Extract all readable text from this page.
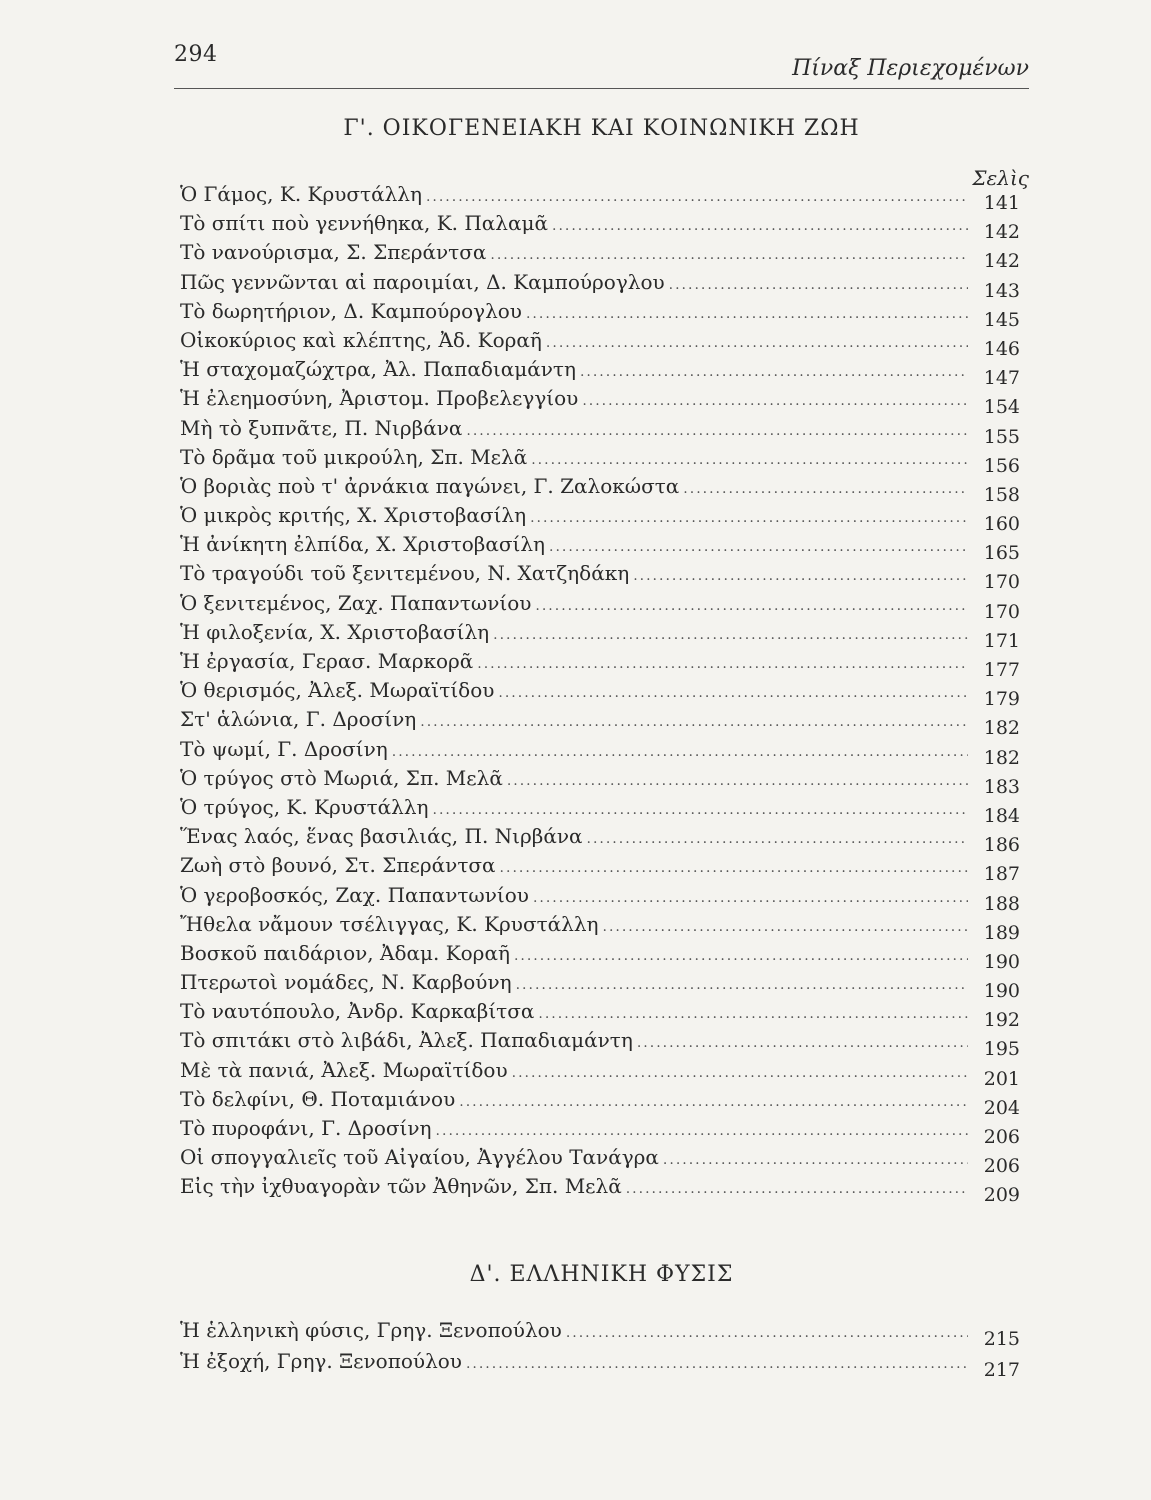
294
Πίναξ Περιεχομένων
Γ'. ΟΙΚΟΓΕΝΕΙΑΚΗ ΚΑΙ ΚΟΙΝΩΝΙΚΗ ΖΩΗ
Σελὶς
Ὁ Γάμος, Κ. Κρυστάλλη .....	141
Τὸ σπίτι ποὺ γεννήθηκα, Κ. Παλαμᾶ .....	142
Τὸ νανούρισμα, Σ. Σπεράντσα .....	142
Πῶς γεννῶνται αἱ παροιμίαι, Δ. Καμπούρογλου .....	143
Τὸ δωρητήριον, Δ. Καμπούρογλου .....	145
Οἰκοκύριος καὶ κλέπτης, Ἀδ. Κοραῆ .....	146
Ἡ σταχομαζώχτρα, Ἀλ. Παπαδιαμάντη .....	147
Ἡ ἐλεημοσύνη, Ἀριστομ. Προβελεγγίου .....	154
Μὴ τὸ ξυπνᾶτε, Π. Νιρβάνα .....	155
Τὸ δρᾶμα τοῦ μικρούλη, Σπ. Μελᾶ .....	156
Ὁ βοριὰς ποὺ τ' ἀρνάκια παγώνει, Γ. Ζαλοκώστα .....	158
Ὁ μικρὸς κριτής, Χ. Χριστοβασίλη .....	160
Ἡ ἀνίκητη ἐλπίδα, Χ. Χριστοβασίλη .....	165
Τὸ τραγούδι τοῦ ξενιτεμένου, Ν. Χατζηδάκη .....	170
Ὁ ξενιτεμένος, Ζαχ. Παπαντωνίου .....	170
Ἡ φιλοξενία, Χ. Χριστοβασίλη .....	171
Ἡ ἐργασία, Γερασ. Μαρκορᾶ .....	177
Ὁ θερισμός, Ἀλεξ. Μωραϊτίδου .....	179
Στ' ἁλώνια, Γ. Δροσίνη .....	182
Τὸ ψωμί, Γ. Δροσίνη .....	182
Ὁ τρύγος στὸ Μωριά, Σπ. Μελᾶ .....	183
Ὁ τρύγος, Κ. Κρυστάλλη .....	184
Ἕνας λαός, ἕνας βασιλιάς, Π. Νιρβάνα .....	186
Ζωὴ στὸ βουνό, Στ. Σπεράντσα .....	187
Ὁ γεροβοσκός, Ζαχ. Παπαντωνίου .....	188
Ἤθελα νἄμουν τσέλιγγας, Κ. Κρυστάλλη .....	189
Βοσκοῦ παιδάριον, Ἀδαμ. Κοραῆ .....	190
Πτερωτοὶ νομάδες, Ν. Καρβούνη .....	190
Τὸ ναυτόπουλο, Ἀνδρ. Καρκαβίτσα .....	192
Τὸ σπιτάκι στὸ λιβάδι, Ἀλεξ. Παπαδιαμάντη .....	195
Μὲ τὰ πανιά, Ἀλεξ. Μωραϊτίδου .....	201
Τὸ δελφίνι, Θ. Ποταμιάνου .....	204
Τὸ πυροφάνι, Γ. Δροσίνη .....	206
Οἱ σπογγαλιεῖς τοῦ Αἰγαίου, Ἀγγέλου Τανάγρα .....	206
Εἰς τὴν ἰχθυαγορὰν τῶν Ἀθηνῶν, Σπ. Μελᾶ .....	209
Δ'. ΕΛΛΗΝΙΚΗ ΦΥΣΙΣ
Ἡ ἑλληνικὴ φύσις, Γρηγ. Ξενοπούλου .....	215
Ἡ ἐξοχή, Γρηγ. Ξενοπούλου .....	217
